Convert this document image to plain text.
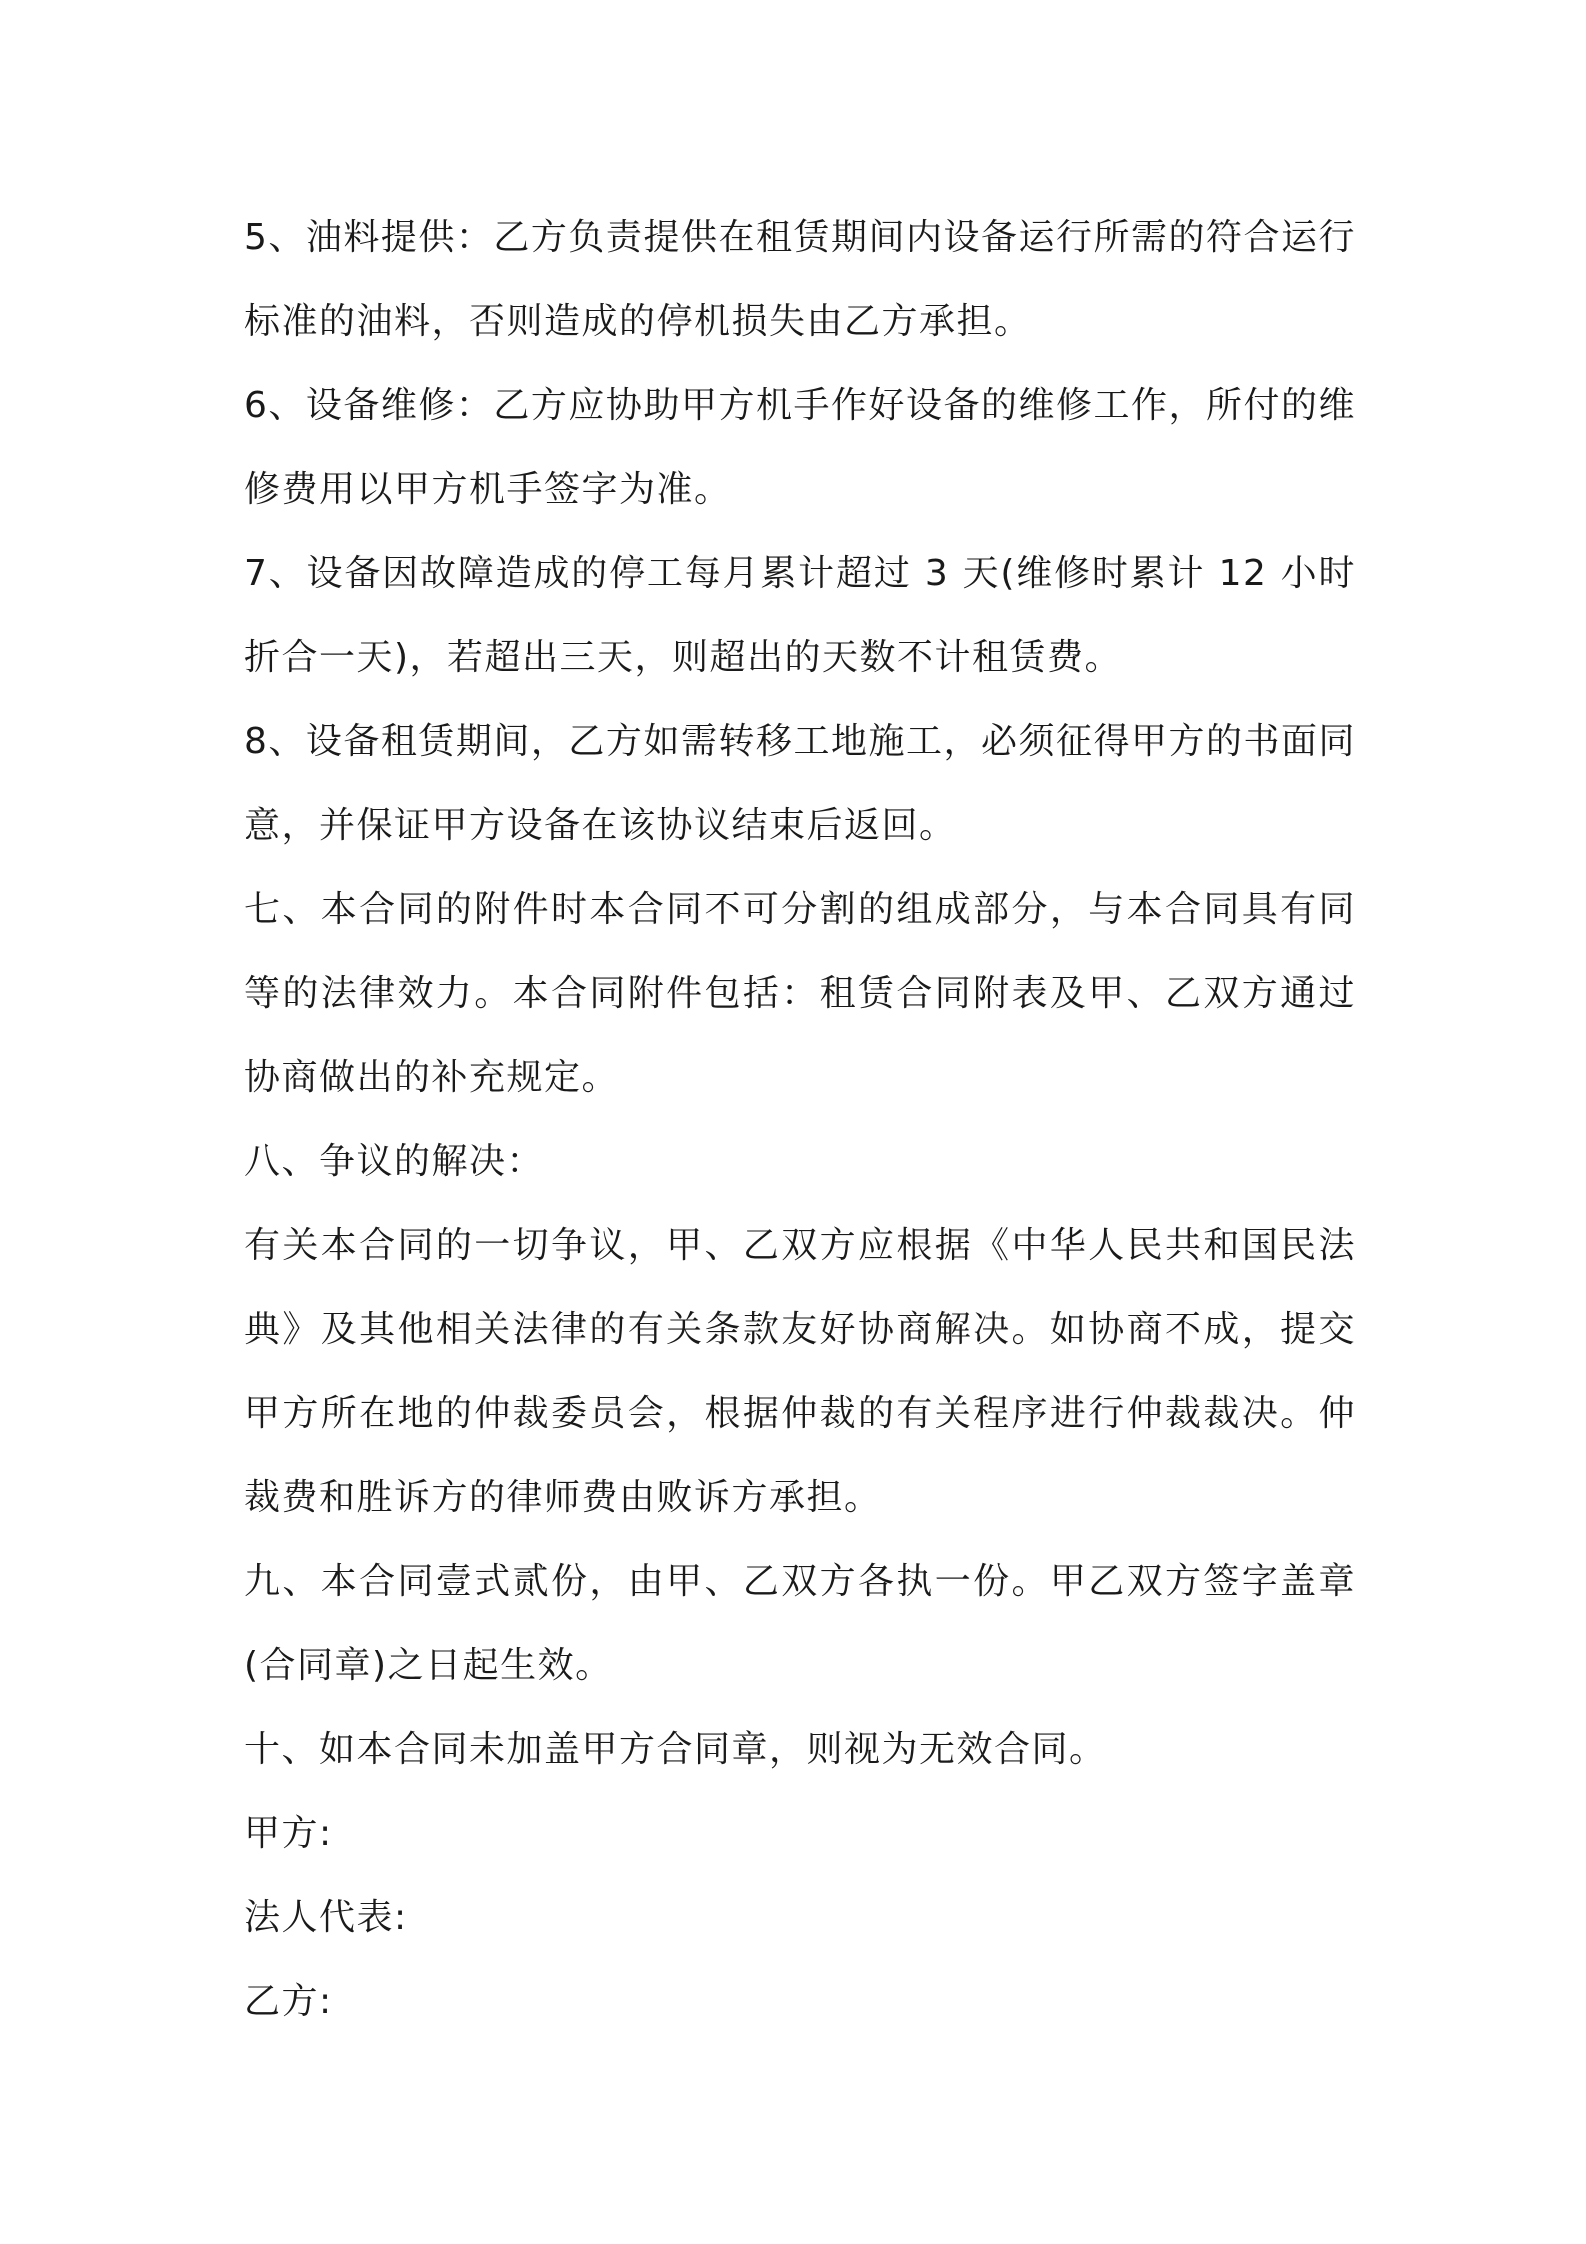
5、油料提供：乙方负责提供在租赁期间内设备运行所需的符合运行标准的油料，否则造成的停机损失由乙方承担。

6、设备维修：乙方应协助甲方机手作好设备的维修工作，所付的维修费用以甲方机手签字为准。

7、设备因故障造成的停工每月累计超过 3 天(维修时累计 12 小时折合一天)，若超出三天，则超出的天数不计租赁费。

8、设备租赁期间，乙方如需转移工地施工，必须征得甲方的书面同意，并保证甲方设备在该协议结束后返回。

七、本合同的附件时本合同不可分割的组成部分，与本合同具有同等的法律效力。本合同附件包括：租赁合同附表及甲、乙双方通过协商做出的补充规定。

八、争议的解决：

有关本合同的一切争议，甲、乙双方应根据《中华人民共和国民法典》及其他相关法律的有关条款友好协商解决。如协商不成，提交甲方所在地的仲裁委员会，根据仲裁的有关程序进行仲裁裁决。仲裁费和胜诉方的律师费由败诉方承担。

九、本合同壹式贰份，由甲、乙双方各执一份。甲乙双方签字盖章(合同章)之日起生效。

十、如本合同未加盖甲方合同章，则视为无效合同。

甲方:

法人代表:

乙方:
